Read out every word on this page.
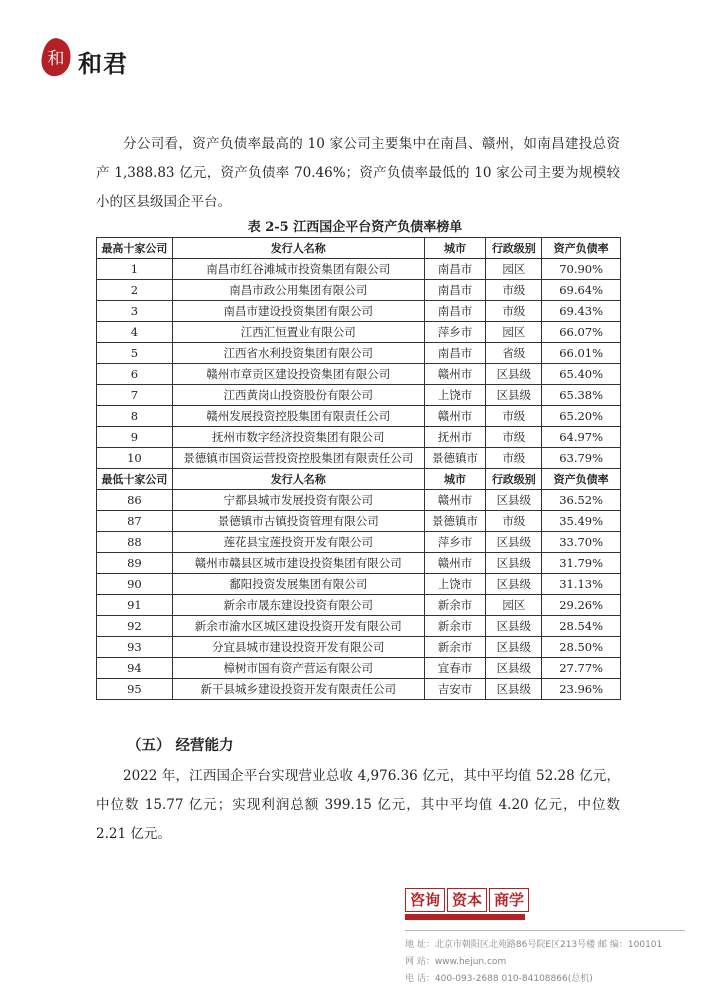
和 和君

分公司看，资产负债率最高的 10 家公司主要集中在南昌、赣州，如南昌建投总资产 1,388.83 亿元，资产负债率 70.46%；资产负债率最低的 10 家公司主要为规模较小的区县级国企平台。

表 2-5 江西国企平台资产负债率榜单
最高十家公司	发行人名称	城市	行政级别	资产负债率
1	南昌市红谷滩城市投资集团有限公司	南昌市	园区	70.90%
2	南昌市政公用集团有限公司	南昌市	市级	69.64%
3	南昌市建设投资集团有限公司	南昌市	市级	69.43%
4	江西汇恒置业有限公司	萍乡市	园区	66.07%
5	江西省水利投资集团有限公司	南昌市	省级	66.01%
6	赣州市章贡区建设投资集团有限公司	赣州市	区县级	65.40%
7	江西黄岗山投资股份有限公司	上饶市	区县级	65.38%
8	赣州发展投资控股集团有限责任公司	赣州市	市级	65.20%
9	抚州市数字经济投资集团有限公司	抚州市	市级	64.97%
10	景德镇市国资运营投资控股集团有限责任公司	景德镇市	市级	63.79%
最低十家公司	发行人名称	城市	行政级别	资产负债率
86	宁都县城市发展投资有限公司	赣州市	区县级	36.52%
87	景德镇市古镇投资管理有限公司	景德镇市	市级	35.49%
88	莲花县宝莲投资开发有限公司	萍乡市	区县级	33.70%
89	赣州市赣县区城市建设投资集团有限公司	赣州市	区县级	31.79%
90	鄱阳投资发展集团有限公司	上饶市	区县级	31.13%
91	新余市晟东建设投资有限公司	新余市	园区	29.26%
92	新余市渝水区城区建设投资开发有限公司	新余市	区县级	28.54%
93	分宜县城市建设投资开发有限公司	新余市	区县级	28.50%
94	樟树市国有资产营运有限公司	宜春市	区县级	27.77%
95	新干县城乡建设投资开发有限责任公司	吉安市	区县级	23.96%
（五） 经营能力

2022 年，江西国企平台实现营业总收 4,976.36 亿元，其中平均值 52.28 亿元，中位数 15.77 亿元；实现利润总额 399.15 亿元，其中平均值 4.20 亿元，中位数 2.21 亿元。

咨询 资本 商学
地 址：北京市朝阳区北苑路86号院E区213号楼 邮 编：100101
网 站：www.hejun.com
电 话：400-093-2688 010-84108866(总机)
